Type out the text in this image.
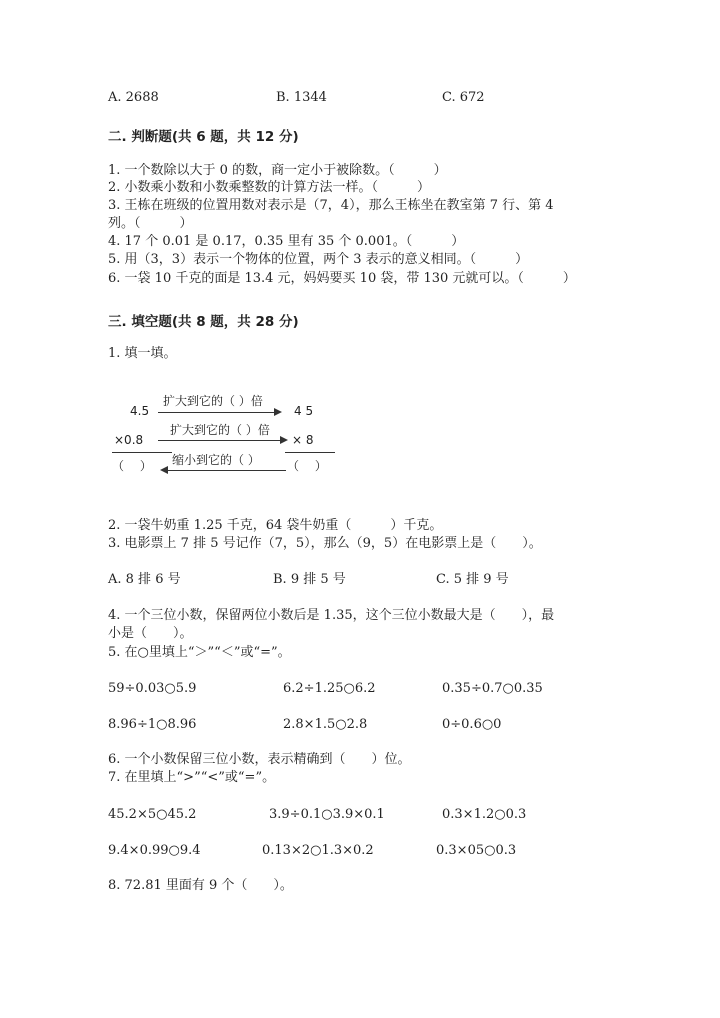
A. 2688	B. 1344	C. 672
二. 判断题(共 6 题，共 12 分)
1. 一个数除以大于 0 的数，商一定小于被除数。（　　　）
2. 小数乘小数和小数乘整数的计算方法一样。（　　　）
3. 王栋在班级的位置用数对表示是（7，4），那么王栋坐在教室第 7 行、第 4
列。（　　　）
4. 17 个 0.01 是 0.17，0.35 里有 35 个 0.001。（　　　）
5. 用（3，3）表示一个物体的位置，两个 3 表示的意义相同。（　　　）
6. 一袋 10 千克的面是 13.4 元，妈妈要买 10 袋，带 130 元就可以。（　　　）
三. 填空题(共 8 题，共 28 分)
1. 填一填。
4.5
×0.8
（　 ）
4 5
× 8
（　 ）
扩大到它的（ ）倍
扩大到它的（ ）倍
缩小到它的（ ）
2. 一袋牛奶重 1.25 千克，64 袋牛奶重（　　　）千克。
3. 电影票上 7 排 5 号记作（7，5），那么（9，5）在电影票上是（　　）。
A. 8 排 6 号	B. 9 排 5 号	C. 5 排 9 号
4. 一个三位小数，保留两位小数后是 1.35，这个三位小数最大是（　　），最
小是（　　）。
5. 在○里填上“＞”“＜”或“=”。
59÷0.03○5.9	6.2÷1.25○6.2	0.35÷0.7○0.35
8.96÷1○8.96	2.8×1.5○2.8	0÷0.6○0
6. 一个小数保留三位小数，表示精确到（　　）位。
7. 在里填上“>”“<”或“=”。
45.2×5○45.2	3.9÷0.1○3.9×0.1	0.3×1.2○0.3
9.4×0.99○9.4	0.13×2○1.3×0.2	0.3×05○0.3
8. 72.81 里面有 9 个（　　）。
